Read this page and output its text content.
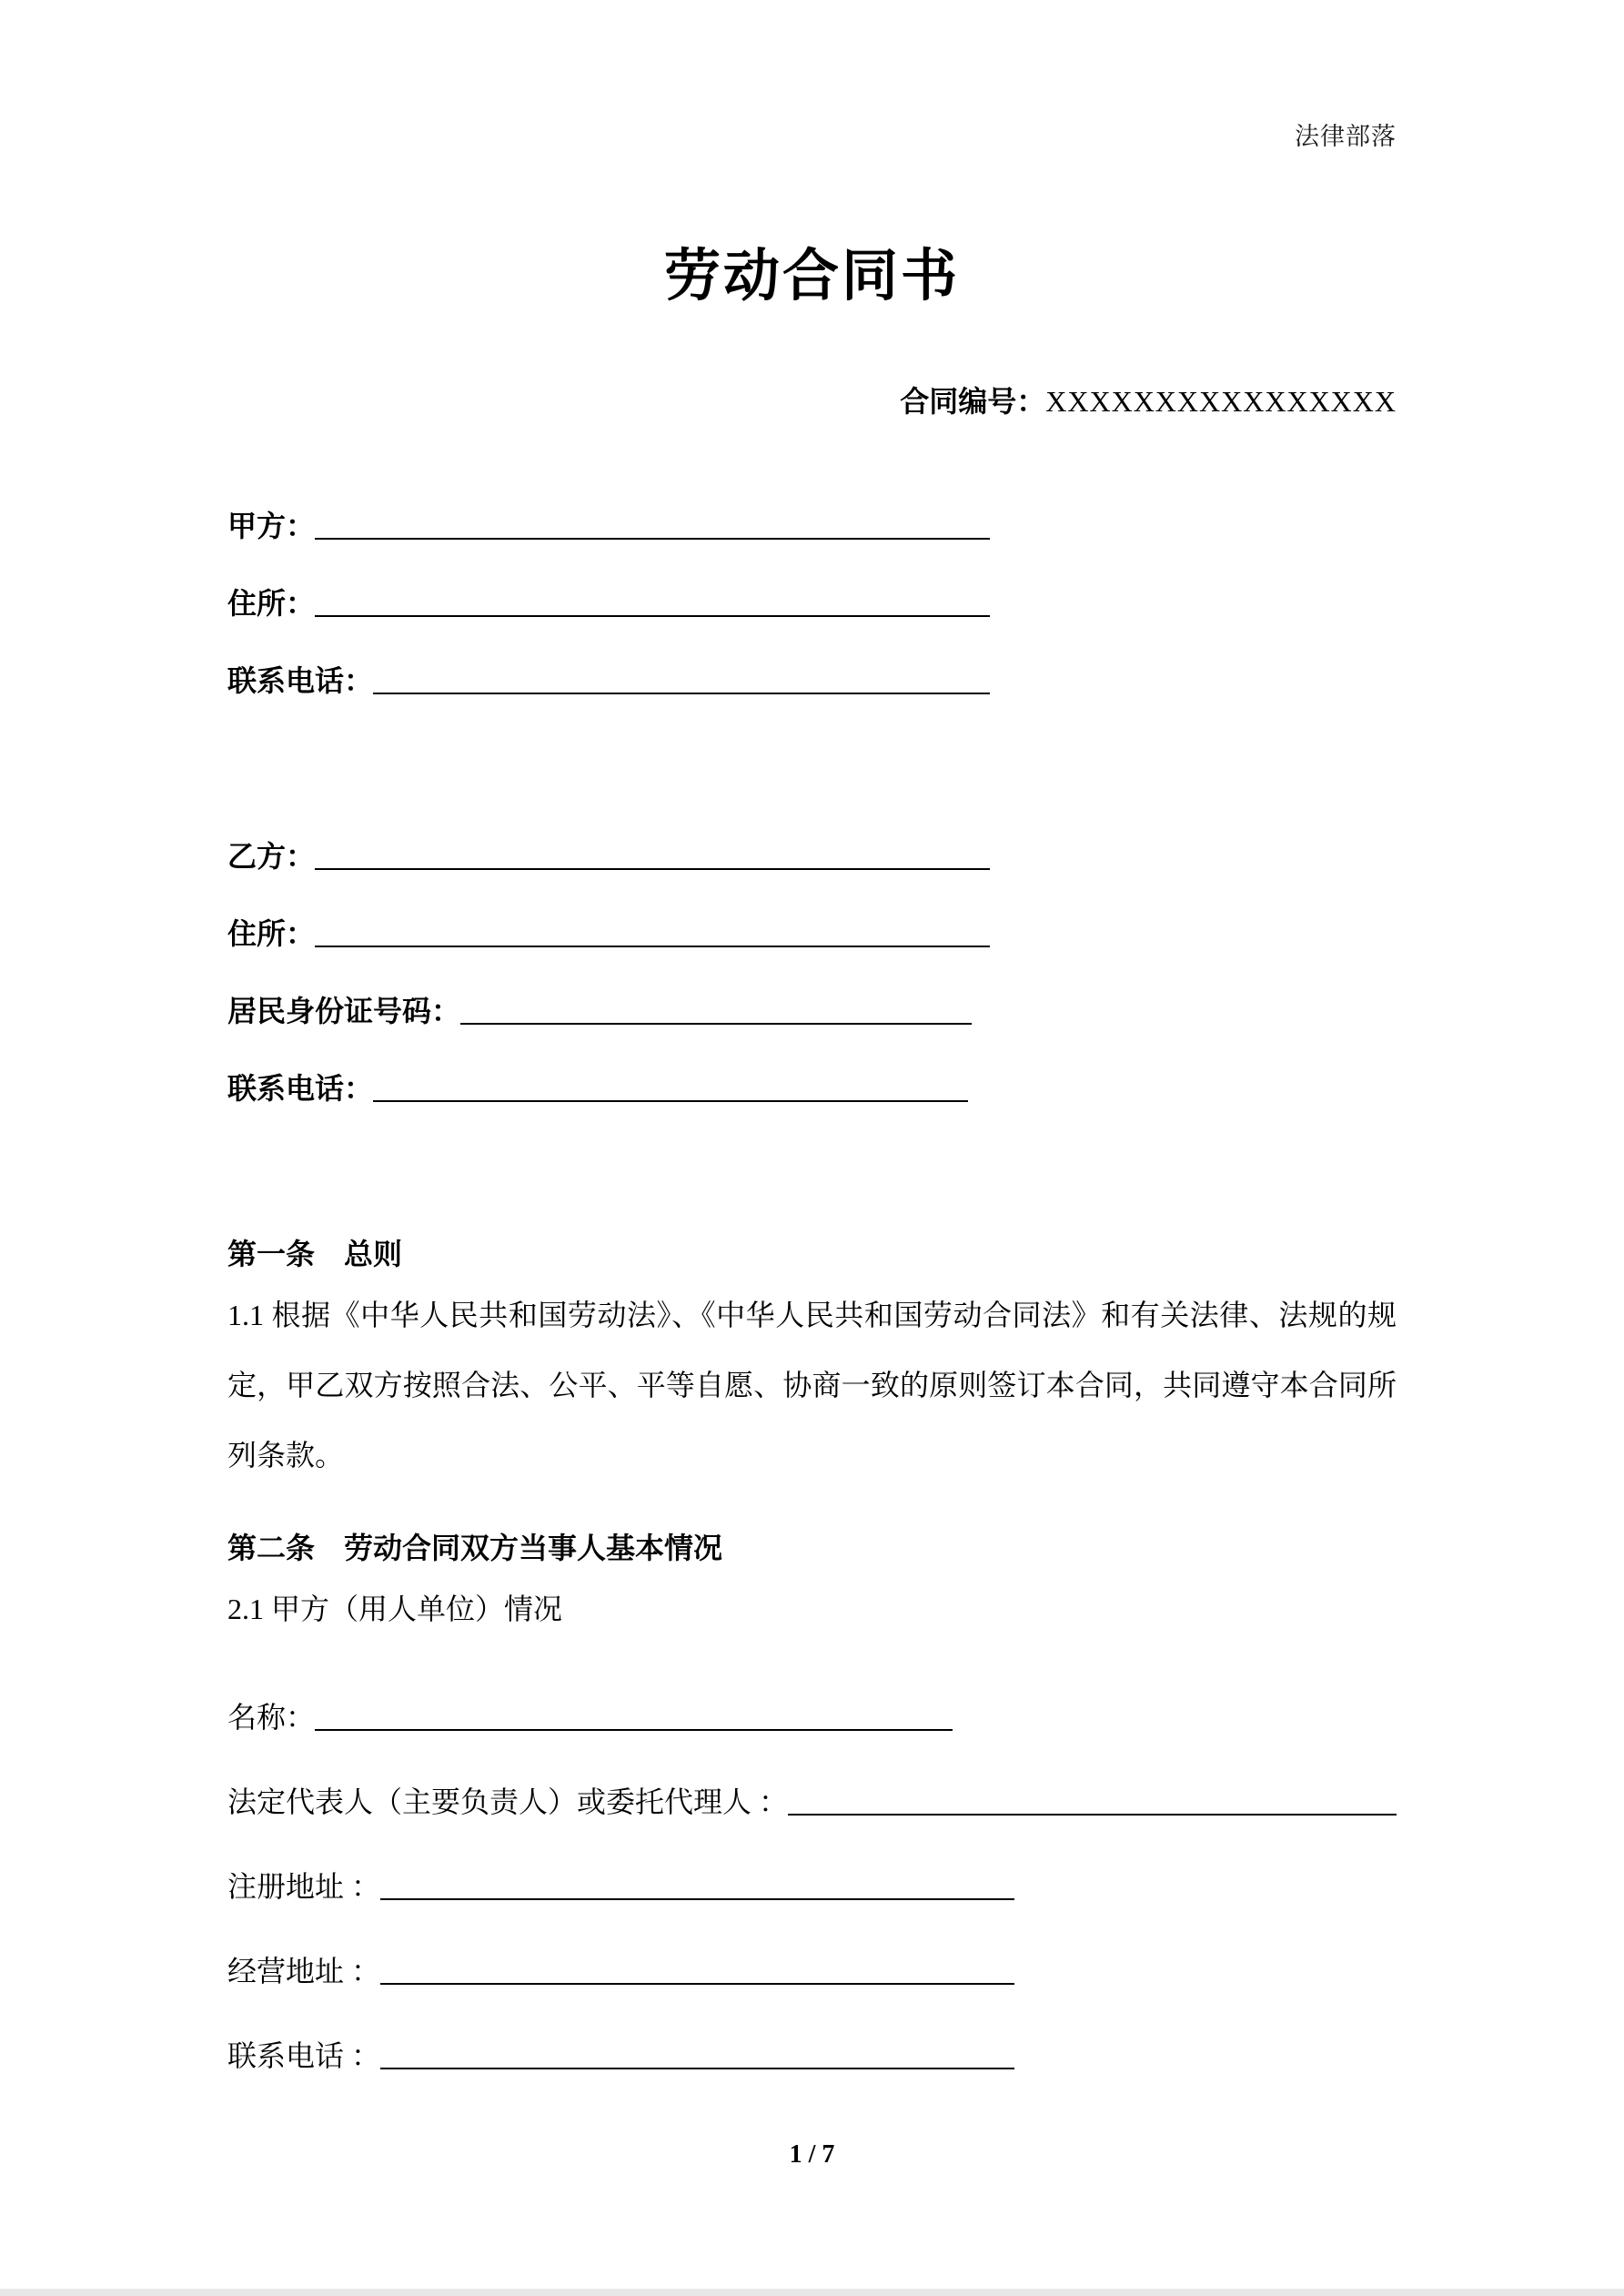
法律部落
劳动合同书
合同编号：XXXXXXXXXXXXXXXX
甲方：
住所：
联系电话：
乙方：
住所：
居民身份证号码：
联系电话：
第一条　总则

1.1 根据《中华人民共和国劳动法》、《中华人民共和国劳动合同法》和有关法律、法规的规定，甲乙双方按照合法、公平、平等自愿、协商一致的原则签订本合同，共同遵守本合同所列条款。

第二条　劳动合同双方当事人基本情况

2.1 甲方（用人单位）情况

名称：
法定代表人（主要负责人）或委托代理人 ：
注册地址 ：
经营地址 ：
联系电话 ：
1 / 7
